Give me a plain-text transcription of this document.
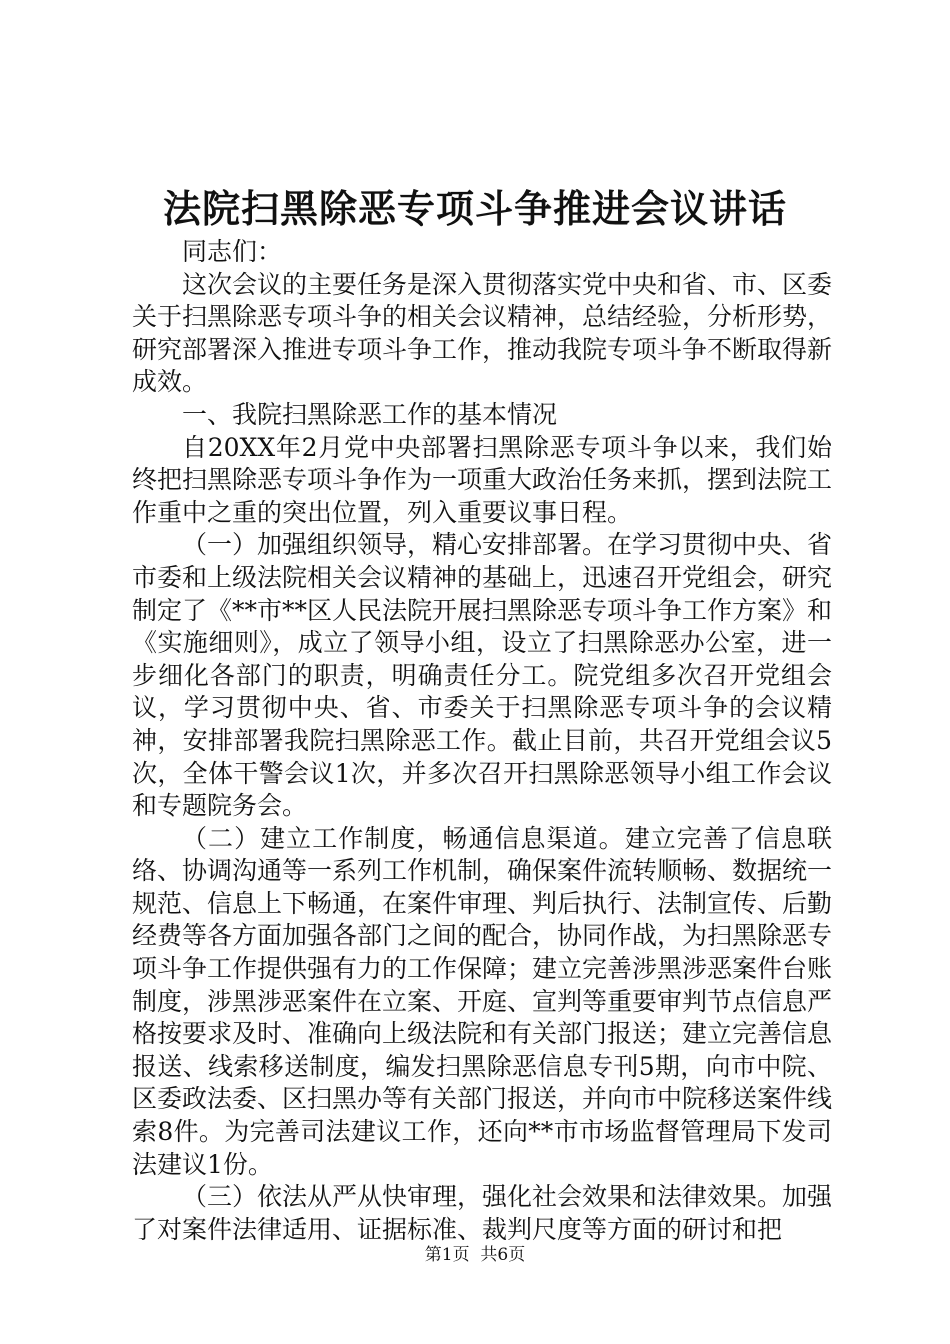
法院扫黑除恶专项斗争推进会议讲话

同志们：

这次会议的主要任务是深入贯彻落实党中央和省、市、区委关于扫黑除恶专项斗争的相关会议精神，总结经验，分析形势，研究部署深入推进专项斗争工作，推动我院专项斗争不断取得新成效。

一、我院扫黑除恶工作的基本情况

自20XX年2月党中央部署扫黑除恶专项斗争以来，我们始终把扫黑除恶专项斗争作为一项重大政治任务来抓，摆到法院工作重中之重的突出位置，列入重要议事日程。

（一）加强组织领导，精心安排部署。在学习贯彻中央、省市委和上级法院相关会议精神的基础上，迅速召开党组会，研究制定了《**市**区人民法院开展扫黑除恶专项斗争工作方案》和《实施细则》，成立了领导小组，设立了扫黑除恶办公室，进一步细化各部门的职责，明确责任分工。院党组多次召开党组会议，学习贯彻中央、省、市委关于扫黑除恶专项斗争的会议精神，安排部署我院扫黑除恶工作。截止目前，共召开党组会议5次，全体干警会议1次，并多次召开扫黑除恶领导小组工作会议和专题院务会。

（二）建立工作制度，畅通信息渠道。建立完善了信息联络、协调沟通等一系列工作机制，确保案件流转顺畅、数据统一规范、信息上下畅通，在案件审理、判后执行、法制宣传、后勤经费等各方面加强各部门之间的配合，协同作战，为扫黑除恶专项斗争工作提供强有力的工作保障；建立完善涉黑涉恶案件台账制度，涉黑涉恶案件在立案、开庭、宣判等重要审判节点信息严格按要求及时、准确向上级法院和有关部门报送；建立完善信息报送、线索移送制度，编发扫黑除恶信息专刊5期，向市中院、区委政法委、区扫黑办等有关部门报送，并向市中院移送案件线索8件。为完善司法建议工作，还向**市市场监督管理局下发司法建议1份。

（三）依法从严从快审理，强化社会效果和法律效果。加强了对案件法律适用、证据标准、裁判尺度等方面的研讨和把

第1页  共6页
